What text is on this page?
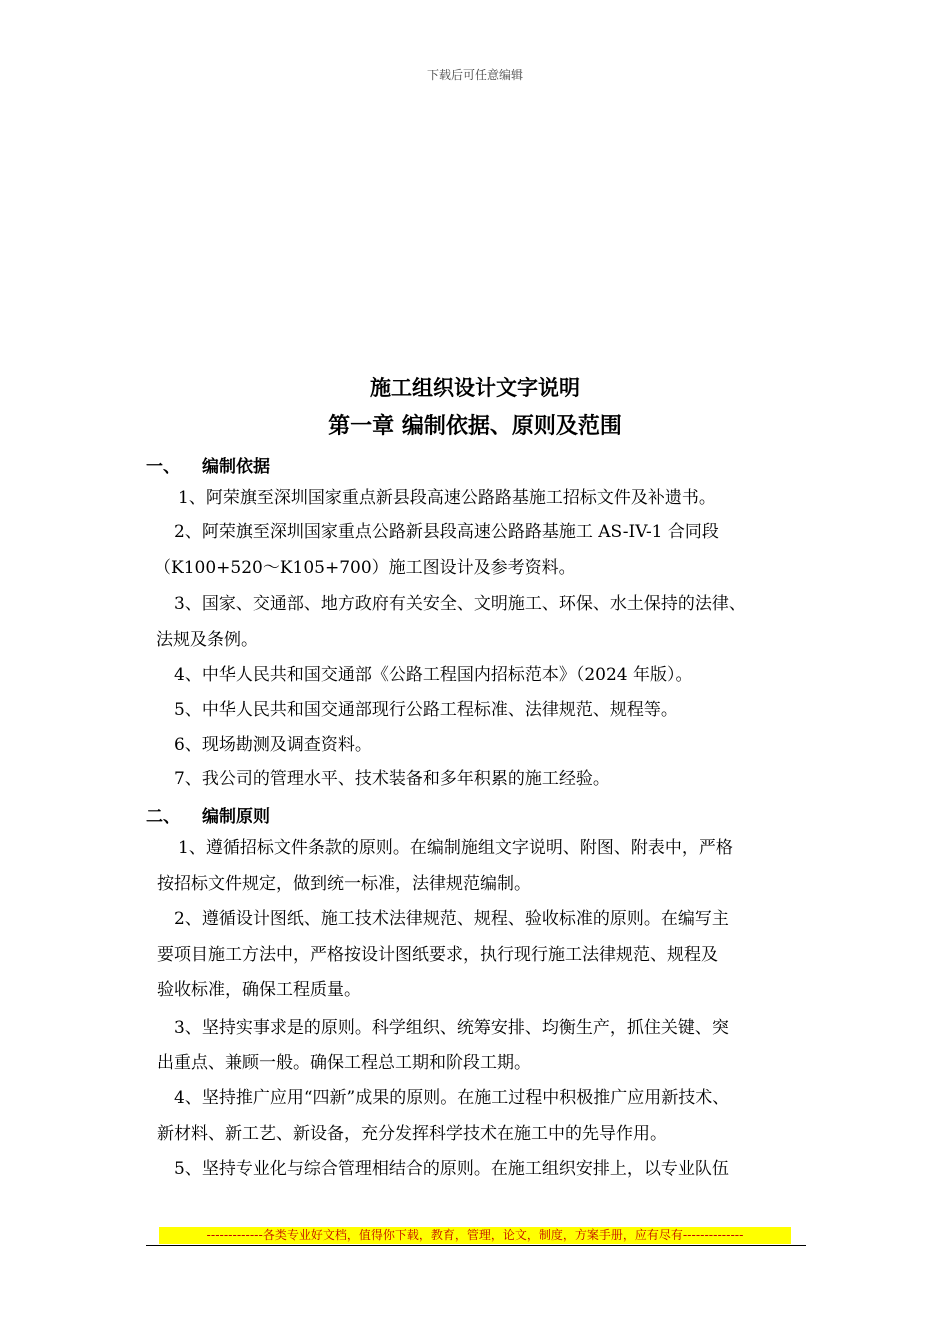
下载后可任意编辑
施工组织设计文字说明
第一章 编制依据、原则及范围
一、 编制依据
1、阿荣旗至深圳国家重点新县段高速公路路基施工招标文件及补遗书。
2、阿荣旗至深圳国家重点公路新县段高速公路路基施工 AS-IV-1 合同段
（K100+520～K105+700）施工图设计及参考资料。
3、国家、交通部、地方政府有关安全、文明施工、环保、水土保持的法律、
法规及条例。
4、中华人民共和国交通部《公路工程国内招标范本》（2024 年版）。
5、中华人民共和国交通部现行公路工程标准、法律规范、规程等。
6、现场勘测及调查资料。
7、我公司的管理水平、技术装备和多年积累的施工经验。
二、 编制原则
1、遵循招标文件条款的原则。在编制施组文字说明、附图、附表中，严格
按招标文件规定，做到统一标准，法律规范编制。
2、遵循设计图纸、施工技术法律规范、规程、验收标准的原则。在编写主
要项目施工方法中，严格按设计图纸要求，执行现行施工法律规范、规程及
验收标准，确保工程质量。
3、坚持实事求是的原则。科学组织、统筹安排、均衡生产，抓住关键、突
出重点、兼顾一般。确保工程总工期和阶段工期。
4、坚持推广应用“四新”成果的原则。在施工过程中积极推广应用新技术、
新材料、新工艺、新设备，充分发挥科学技术在施工中的先导作用。
5、坚持专业化与综合管理相结合的原则。在施工组织安排上，以专业队伍
-------------各类专业好文档，值得你下载，教育，管理，论文，制度，方案手册，应有尽有--------------
